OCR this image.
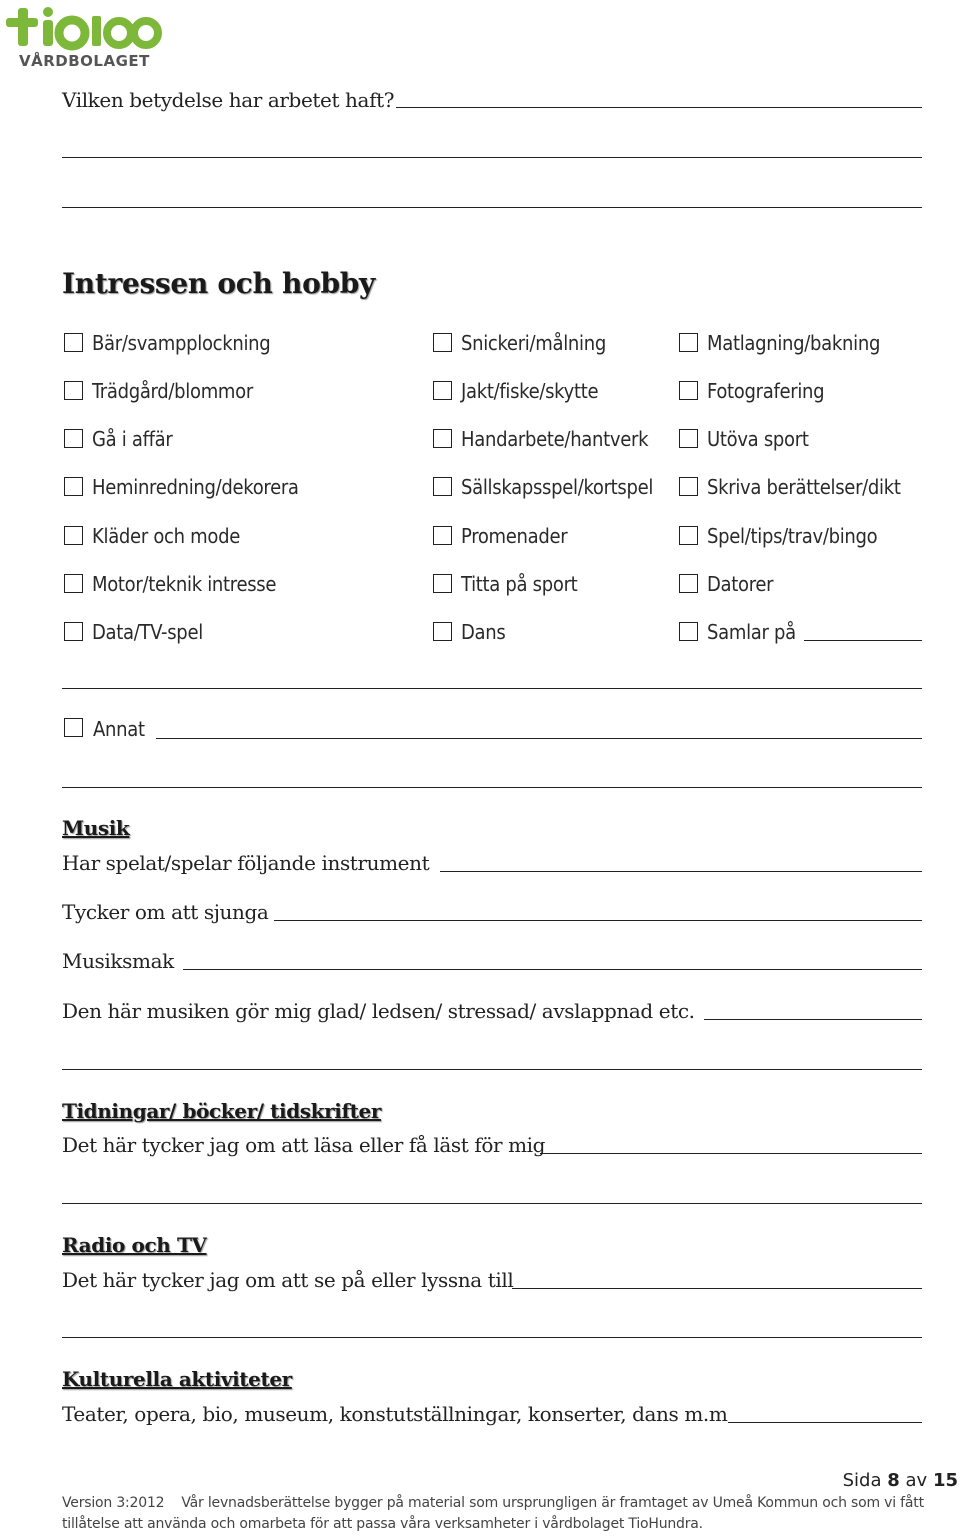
VÅRDBOLAGET
Vilken betydelse har arbetet haft?
Intressen och hobby
Bär/svampplockning
Trädgård/blommor
Gå i affär
Heminredning/dekorera
Kläder och mode
Motor/teknik intresse
Data/TV-spel
Snickeri/målning
Jakt/fiske/skytte
Handarbete/hantverk
Sällskapsspel/kortspel
Promenader
Titta på sport
Dans
Matlagning/bakning
Fotografering
Utöva sport
Skriva berättelser/dikt
Spel/tips/trav/bingo
Datorer
Samlar på
Annat
Musik
Har spelat/spelar följande instrument
Tycker om att sjunga
Musiksmak
Den här musiken gör mig glad/ ledsen/ stressad/ avslappnad etc.
Tidningar/ böcker/ tidskrifter
Det här tycker jag om att läsa eller få läst för mig
Radio och TV
Det här tycker jag om att se på eller lyssna till
Kulturella aktiviteter
Teater, opera, bio, museum, konstutställningar, konserter, dans m.m
Sida 8 av 15
Version 3:2012    Vår levnadsberättelse bygger på material som ursprungligen är framtaget av Umeå Kommun och som vi fått
tillåtelse att använda och omarbeta för att passa våra verksamheter i vårdbolaget TioHundra.
